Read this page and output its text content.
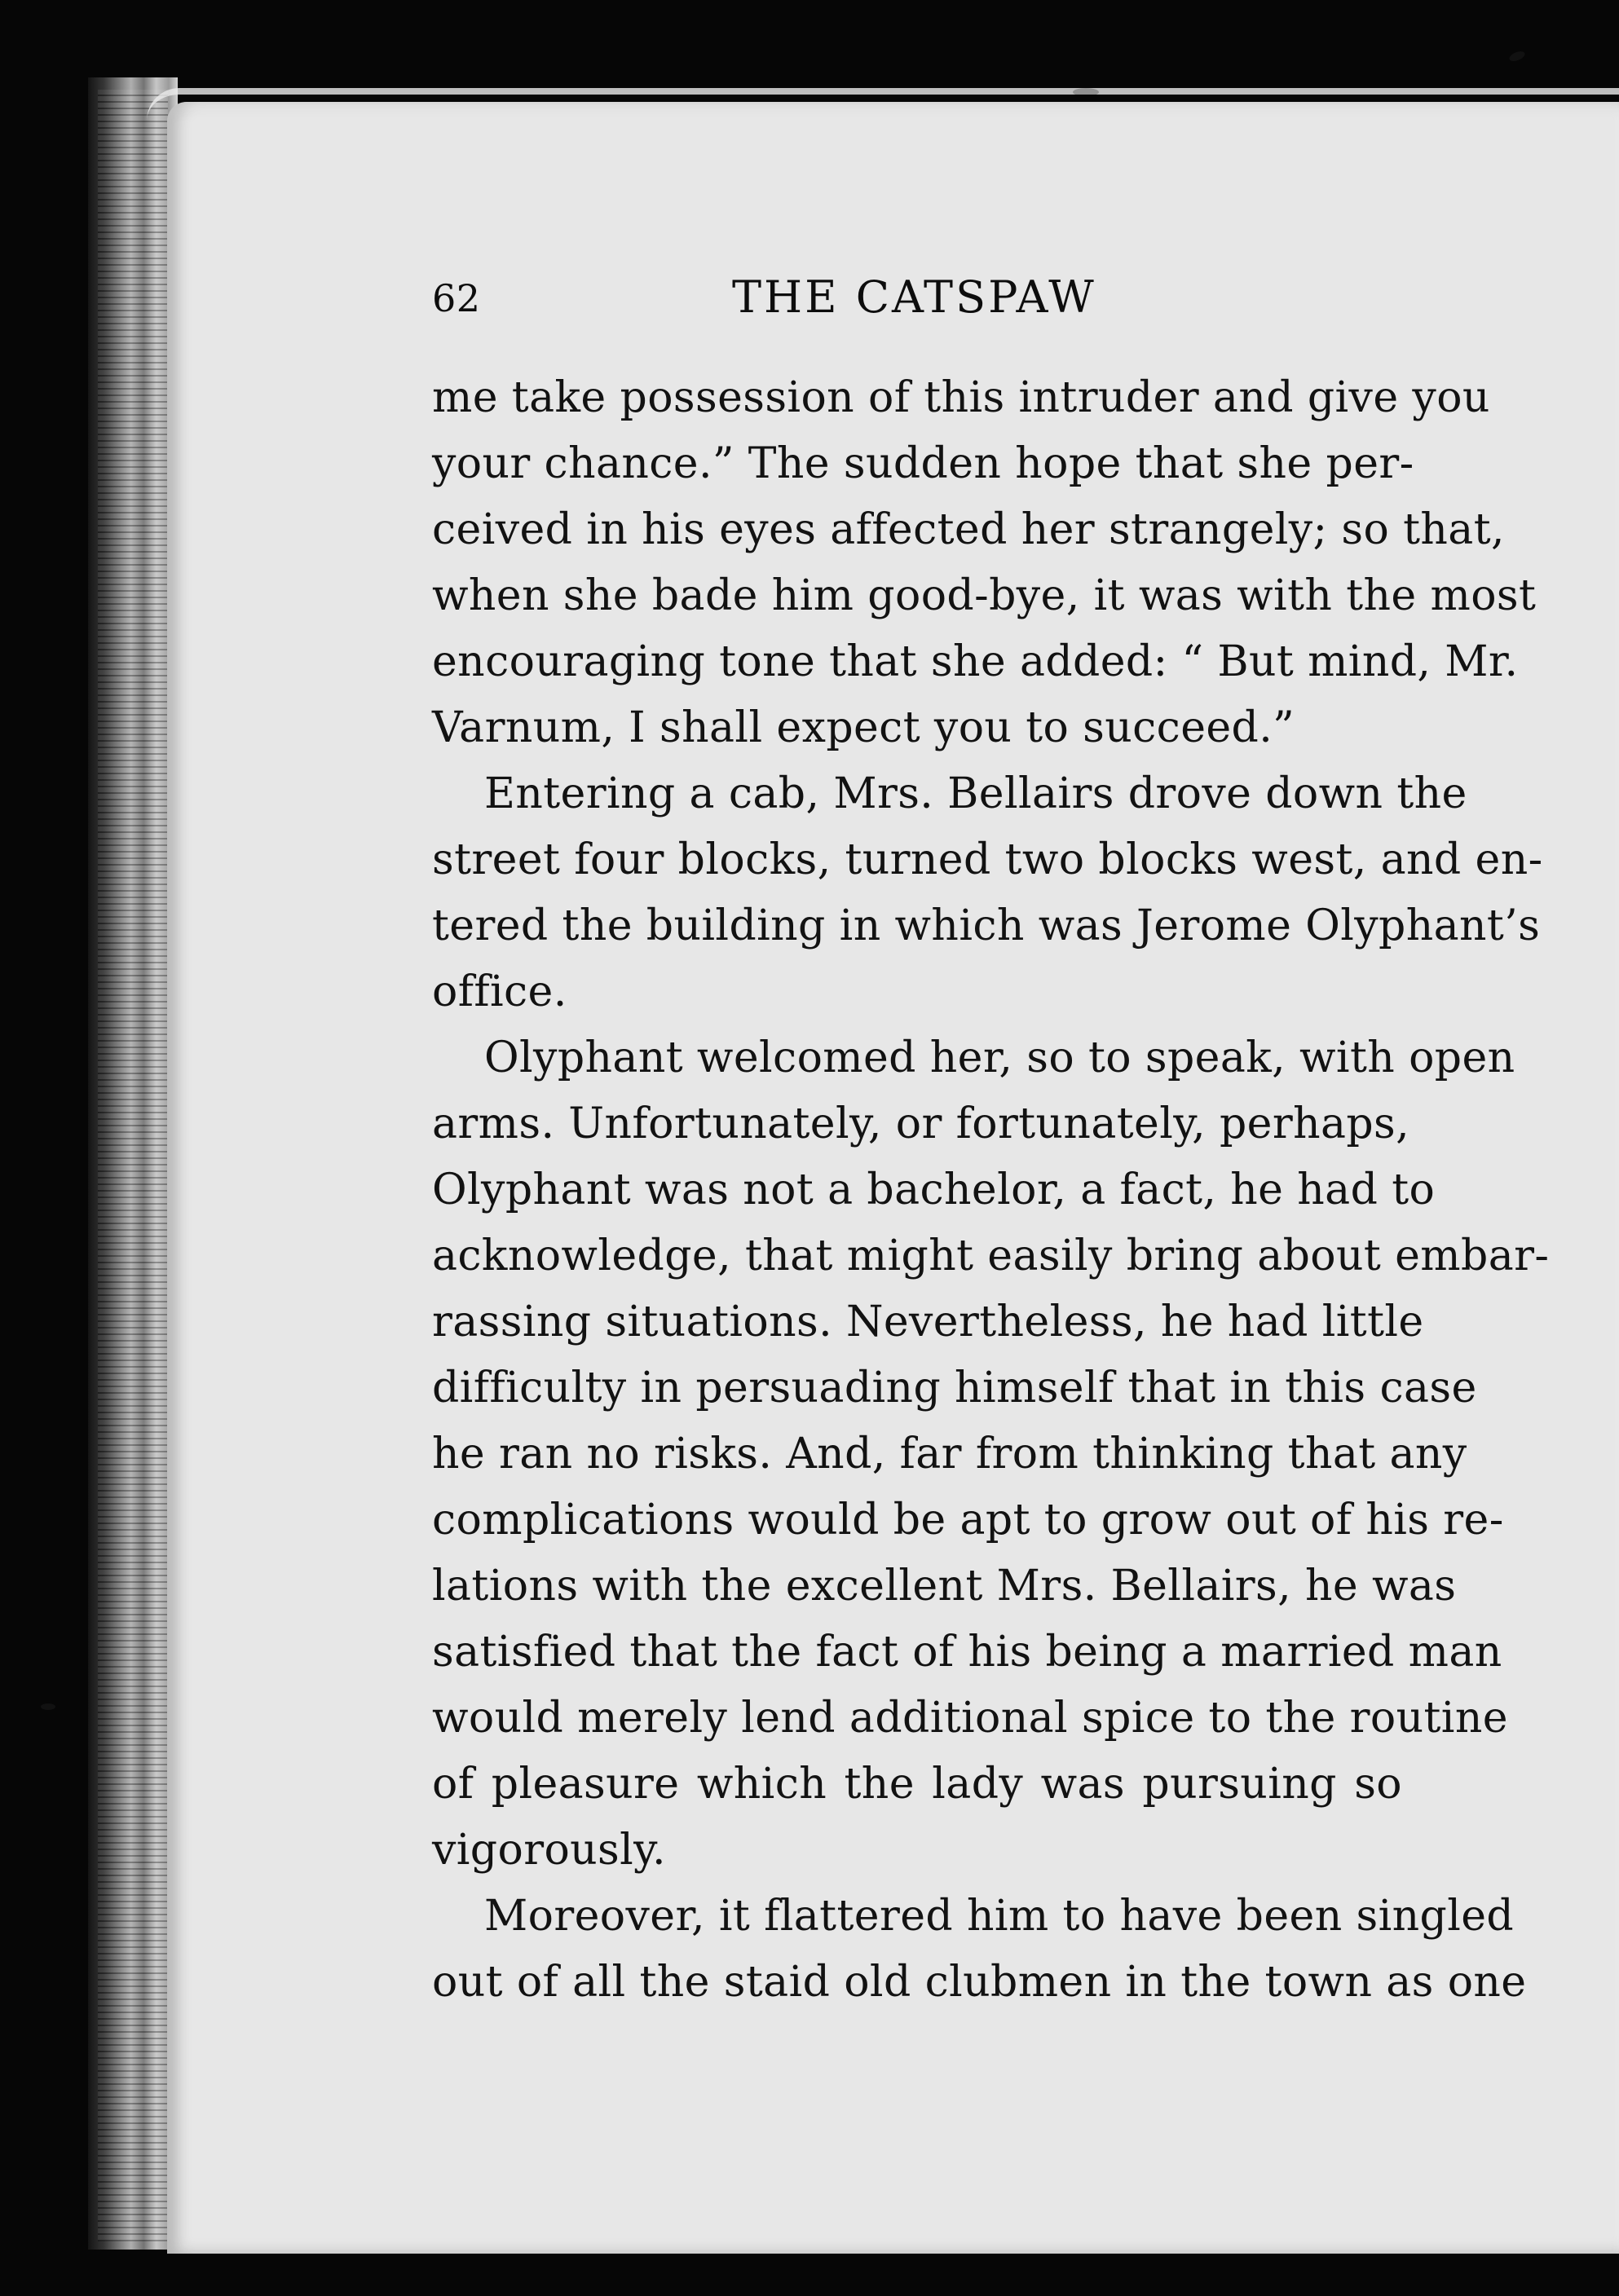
62	THE CATSPAW
me take possession of this intruder and give you
your chance.” The sudden hope that she per-
ceived in his eyes affected her strangely; so that,
when she bade him good-bye, it was with the most
encouraging tone that she added: “ But mind, Mr.
Varnum, I shall expect you to succeed.”
Entering a cab, Mrs. Bellairs drove down the
street four blocks, turned two blocks west, and en-
tered the building in which was Jerome Olyphant’s
office.
Olyphant welcomed her, so to speak, with open
arms. Unfortunately, or fortunately, perhaps,
Olyphant was not a bachelor, a fact, he had to
acknowledge, that might easily bring about embar-
rassing situations. Nevertheless, he had little
difficulty in persuading himself that in this case
he ran no risks. And, far from thinking that any
complications would be apt to grow out of his re-
lations with the excellent Mrs. Bellairs, he was
satisfied that the fact of his being a married man
would merely lend additional spice to the routine
of pleasure which the lady was pursuing so
vigorously.
Moreover, it flattered him to have been singled
out of all the staid old clubmen in the town as one
